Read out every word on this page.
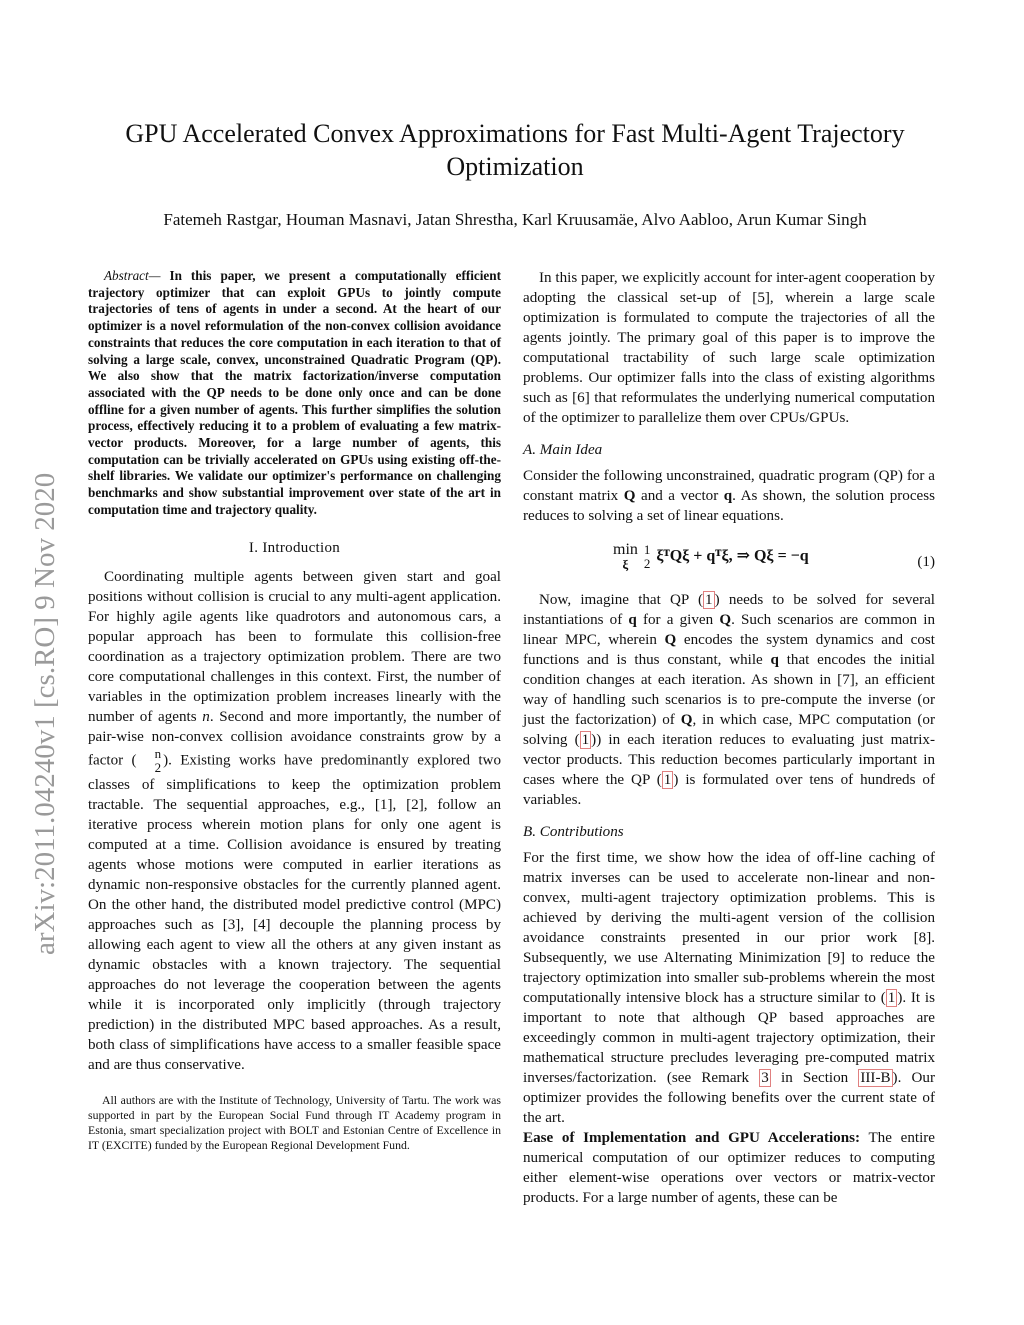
arXiv:2011.04240v1 [cs.RO] 9 Nov 2020
GPU Accelerated Convex Approximations for Fast Multi-Agent Trajectory Optimization
Fatemeh Rastgar, Houman Masnavi, Jatan Shrestha, Karl Kruusamäe, Alvo Aabloo, Arun Kumar Singh

Abstract— In this paper, we present a computationally efficient trajectory optimizer that can exploit GPUs to jointly compute trajectories of tens of agents in under a second. At the heart of our optimizer is a novel reformulation of the non-convex collision avoidance constraints that reduces the core computation in each iteration to that of solving a large scale, convex, unconstrained Quadratic Program (QP). We also show that the matrix factorization/inverse computation associated with the QP needs to be done only once and can be done offline for a given number of agents. This further simplifies the solution process, effectively reducing it to a problem of evaluating a few matrix-vector products. Moreover, for a large number of agents, this computation can be trivially accelerated on GPUs using existing off-the-shelf libraries. We validate our optimizer's performance on challenging benchmarks and show substantial improvement over state of the art in computation time and trajectory quality.

I. Introduction

Coordinating multiple agents between given start and goal positions without collision is crucial to any multi-agent application. For highly agile agents like quadrotors and autonomous cars, a popular approach has been to formulate this collision-free coordination as a trajectory optimization problem. There are two core computational challenges in this context. First, the number of variables in the optimization problem increases linearly with the number of agents n. Second and more importantly, the number of pair-wise non-convex collision avoidance constraints grow by a factor (	n
2 ). Existing works have predominantly explored two classes of simplifications to keep the optimization problem tractable. The sequential approaches, e.g., [1], [2], follow an iterative process wherein motion plans for only one agent is computed at a time. Collision avoidance is ensured by treating agents whose motions were computed in earlier iterations as dynamic non-responsive obstacles for the currently planned agent. On the other hand, the distributed model predictive control (MPC) approaches such as [3], [4] decouple the planning process by allowing each agent to view all the others at any given instant as dynamic obstacles with a known trajectory. The sequential approaches do not leverage the cooperation between the agents while it is incorporated only implicitly (through trajectory prediction) in the distributed MPC based approaches. As a result, both class of simplifications have access to a smaller feasible space and are thus conservative.

All authors are with the Institute of Technology, University of Tartu. The work was supported in part by the European Social Fund through IT Academy program in Estonia, smart specialization project with BOLT and Estonian Centre of Excellence in IT (EXCITE) funded by the European Regional Development Fund.

In this paper, we explicitly account for inter-agent cooperation by adopting the classical set-up of [5], wherein a large scale optimization is formulated to compute the trajectories of all the agents jointly. The primary goal of this paper is to improve the computational tractability of such large scale optimization problems. Our optimizer falls into the class of existing algorithms such as [6] that reformulates the underlying numerical computation of the optimizer to parallelize them over CPUs/GPUs.

A. Main Idea

Consider the following unconstrained, quadratic program (QP) for a constant matrix Q and a vector q. As shown, the solution process reduces to solving a set of linear equations.

min
ξ

1
2 ξᵀQξ + qᵀξ, ⇒ Qξ = −q	(1)

Now, imagine that QP ( 1 ) needs to be solved for several instantiations of q for a given Q. Such scenarios are common in linear MPC, wherein Q encodes the system dynamics and cost functions and is thus constant, while q that encodes the initial condition changes at each iteration. As shown in [7], an efficient way of handling such scenarios is to pre-compute the inverse (or just the factorization) of Q, in which case, MPC computation (or solving ( 1 )) in each iteration reduces to evaluating just matrix-vector products. This reduction becomes particularly important in cases where the QP ( 1 ) is formulated over tens of hundreds of variables.

B. Contributions

For the first time, we show how the idea of off-line caching of matrix inverses can be used to accelerate non-linear and non-convex, multi-agent trajectory optimization problems. This is achieved by deriving the multi-agent version of the collision avoidance constraints presented in our prior work [8]. Subsequently, we use Alternating Minimization [9] to reduce the trajectory optimization into smaller sub-problems wherein the most computationally intensive block has a structure similar to ( 1 ). It is important to note that although QP based approaches are exceedingly common in multi-agent trajectory optimization, their mathematical structure precludes leveraging pre-computed matrix inverses/factorization. (see Remark 3 in Section III-B ). Our optimizer provides the following benefits over the current state of the art.

Ease of Implementation and GPU Accelerations: The entire numerical computation of our optimizer reduces to computing either element-wise operations over vectors or matrix-vector products. For a large number of agents, these can be
